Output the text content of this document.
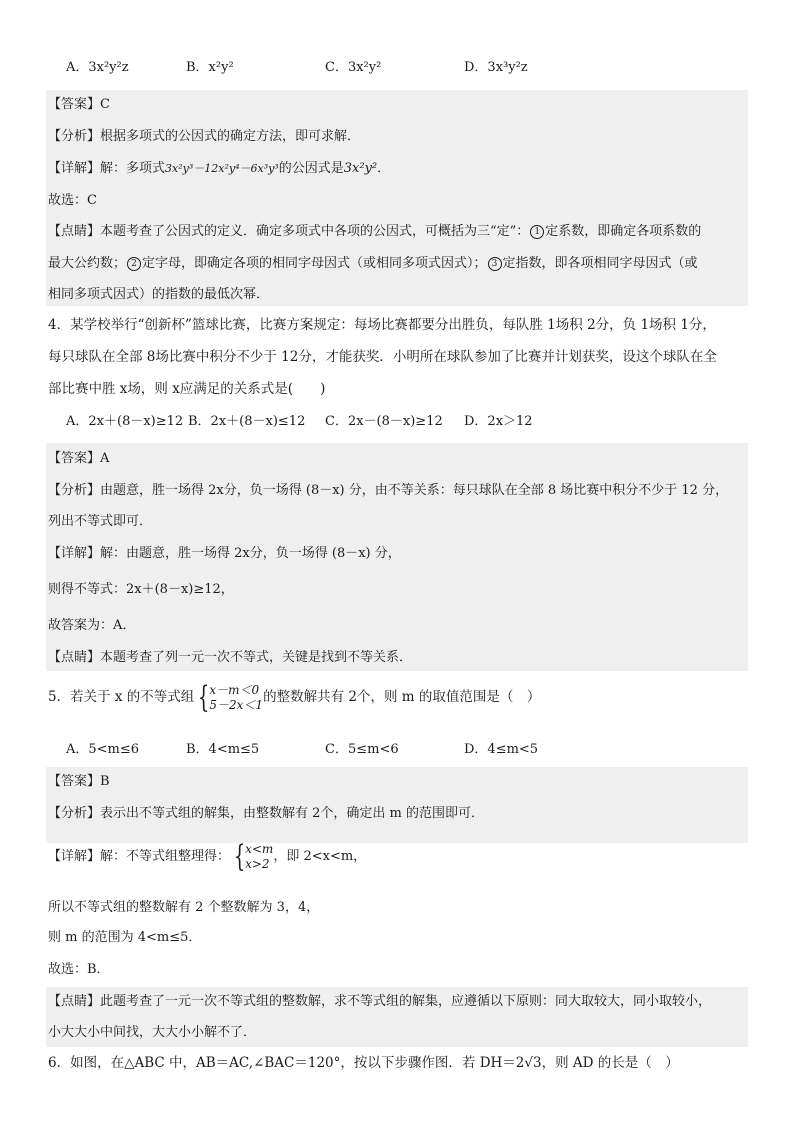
A．3x²y²z	B．x²y²	C．3x²y²	D．3x³y²z
【答案】C
【分析】根据多项式的公因式的确定方法，即可求解．
【详解】解：多项式3x²y³－12x²y⁴－6x³y³的公因式是3x²y²．
故选：C
【点睛】本题考查了公因式的定义．确定多项式中各项的公因式，可概括为三“定”： 1 定系数，即确定各项系数的
最大公约数； 2 定字母，即确定各项的相同字母因式（或相同多项式因式）； 3 定指数，即各项相同字母因式（或
相同多项式因式）的指数的最低次幂．
4．某学校举行“创新杯”篮球比赛，比赛方案规定：每场比赛都要分出胜负，每队胜 1场积 2分，负 1场积 1分，
每只球队在全部 8场比赛中积分不少于 12分，才能获奖．小明所在球队参加了比赛并计划获奖，设这个球队在全
部比赛中胜 x场，则 x应满足的关系式是(　　)
A．2x＋(8－x)≥12 B．2x＋(8－x)≤12 C．2x－(8－x)≥12 D．2x＞12
【答案】A
【分析】由题意，胜一场得 2x分，负一场得 (8－x) 分，由不等关系：每只球队在全部 8 场比赛中积分不少于 12 分，
列出不等式即可．
【详解】解：由题意，胜一场得 2x分，负一场得 (8－x) 分，
则得不等式：2x＋(8－x)≥12，
故答案为：A．
【点睛】本题考查了列一元一次不等式，关键是找到不等关系．
5．若关于 x 的不等式组 { x－m＜0
5－2x＜1 的整数解共有 2个，则 m 的取值范围是（　）
A．5<m≤6	B．4<m≤5	C．5≤m<6	D．4≤m<5
【答案】B
【分析】表示出不等式组的解集，由整数解有 2个，确定出 m 的范围即可．
【详解】解：不等式组整理得： { x<m
x>2 ，即 2<x<m，
所以不等式组的整数解有 2 个整数解为 3，4，
则 m 的范围为 4<m≤5．
故选：B．
【点睛】此题考查了一元一次不等式组的整数解，求不等式组的解集，应遵循以下原则：同大取较大，同小取较小，
小大大小中间找，大大小小解不了．
6．如图，在△ABC 中，AB＝AC,∠BAC＝120°，按以下步骤作图．若 DH＝2√3，则 AD 的长是（　）
